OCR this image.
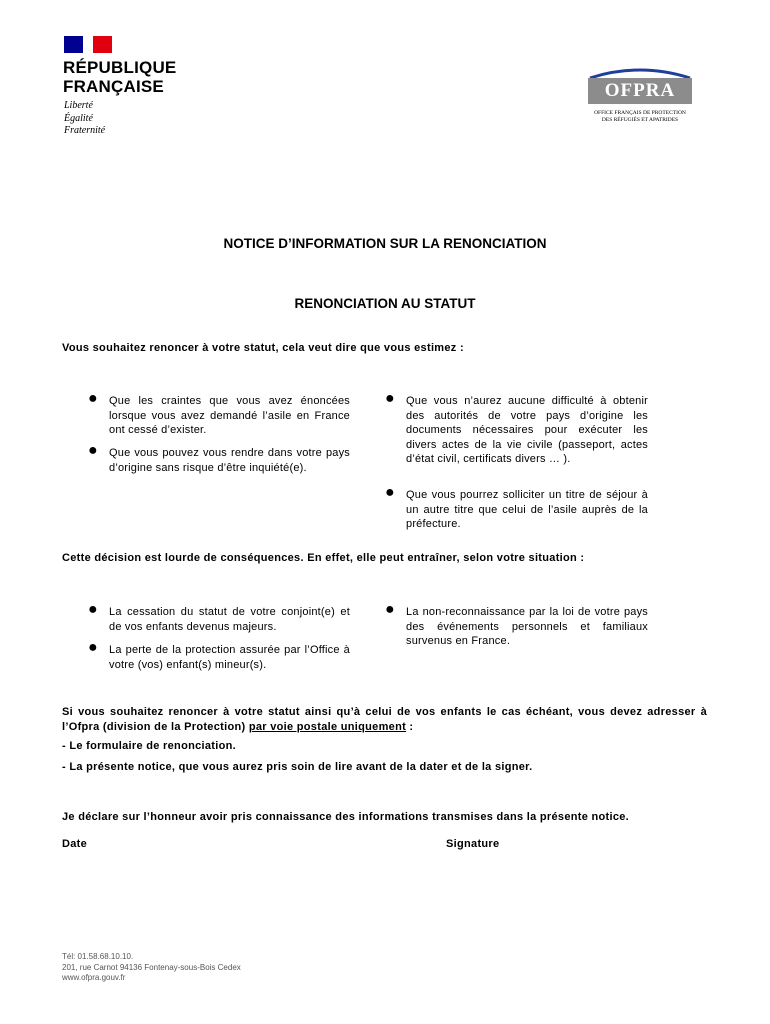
RÉPUBLIQUE
FRANÇAISE
Liberté
Égalité
Fraternité
OFPRA
OFFICE FRANÇAIS DE PROTECTION
DES RÉFUGIÉS ET APATRIDES
NOTICE D’INFORMATION SUR LA RENONCIATION
RENONCIATION AU STATUT
Vous souhaitez renoncer à votre statut, cela veut dire que vous estimez :
● Que les craintes que vous avez énoncées lorsque vous avez demandé l’asile en France ont cessé d’exister.
● Que vous pouvez vous rendre dans votre pays d’origine sans risque d’être inquiété(e).
● Que vous n’aurez aucune difficulté à obtenir des autorités de votre pays d’origine les documents nécessaires pour exécuter les divers actes de la vie civile (passeport, actes d’état civil, certificats divers … ).
● Que vous pourrez solliciter un titre de séjour à un autre titre que celui de l’asile auprès de la préfecture.
Cette décision est lourde de conséquences. En effet, elle peut entraîner, selon votre situation :
● La cessation du statut de votre conjoint(e) et de vos enfants devenus majeurs.
● La perte de la protection assurée par l’Office à votre (vos) enfant(s) mineur(s).
● La non-reconnaissance par la loi de votre pays des événements personnels et familiaux survenus en France.
Si vous souhaitez renoncer à votre statut ainsi qu’à celui de vos enfants le cas échéant, vous devez adresser à l’Ofpra (division de la Protection) par voie postale uniquement :
- Le formulaire de renonciation.
- La présente notice, que vous aurez pris soin de lire avant de la dater et de la signer.
Je déclare sur l’honneur avoir pris connaissance des informations transmises dans la présente notice.
Date	Signature
Tél: 01.58.68.10.10.
201, rue Carnot 94136 Fontenay-sous-Bois Cedex
www.ofpra.gouv.fr
